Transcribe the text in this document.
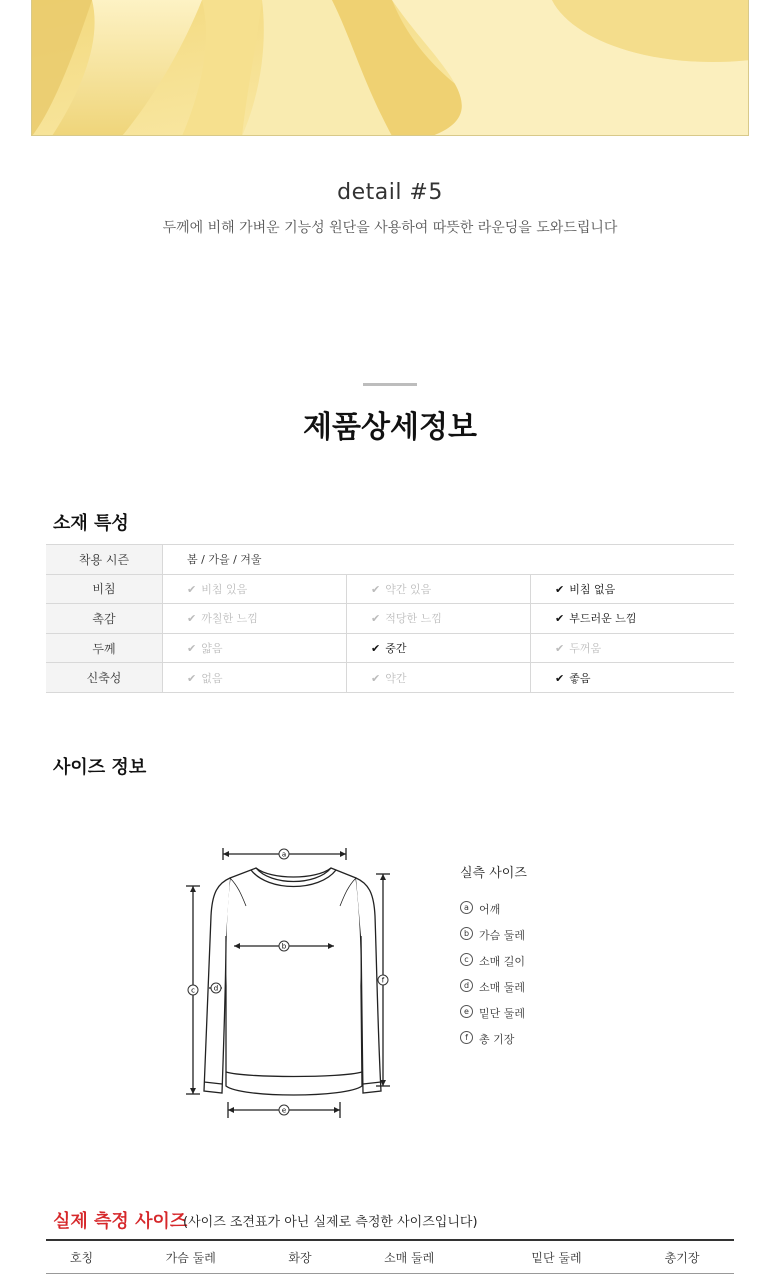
detail #5
두께에 비해 가벼운 기능성 원단을 사용하여 따뜻한 라운딩을 도와드립니다
제품상세정보
소재 특성
착용 시즌	봄 / 가을 / 겨울		
비침	✔ 비침 있음	✔ 약간 있음	✔ 비침 없음
촉감	✔ 까칠한 느낌	✔ 적당한 느낌	✔ 부드러운 느낌
두께	✔ 얇음	✔ 중간	✔ 두꺼움
신축성	✔ 없음	✔ 약간	✔ 좋음
사이즈 정보
a
b
c	d
e
f
실측 사이즈
a 어깨
b 가슴 둘레
c 소매 길이
d 소매 둘레
e 밑단 둘레
f	총 기장
실제 측정 사이즈
(사이즈 조견표가 아닌 실제로 측정한 사이즈입니다)
호칭	가슴 둘레	화장	소매 둘레	밑단 둘레	총기장
